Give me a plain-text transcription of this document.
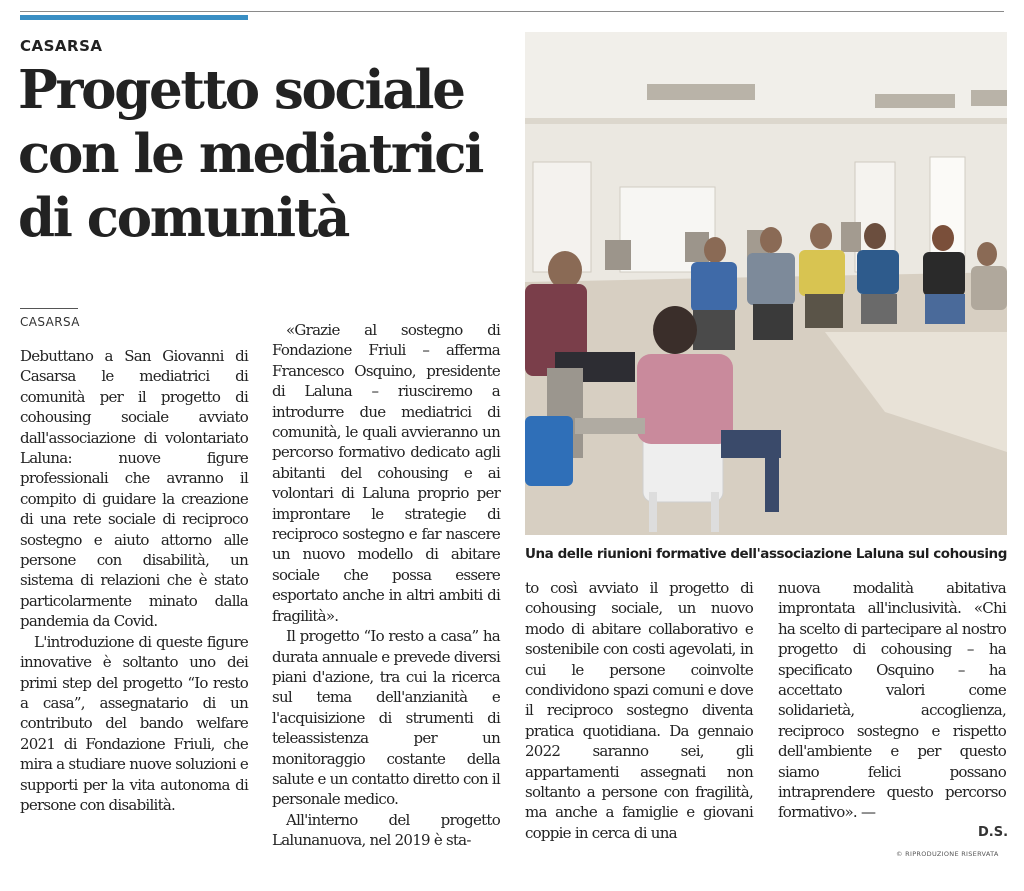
CASARSA
Progetto sociale con le mediatrici di comunità
CASARSA

Debuttano a San Giovanni di Casarsa le mediatrici di comunità per il progetto di cohousing sociale avviato dall'associazione di volontariato Laluna: nuove figure professionali che avranno il compito di guidare la creazione di una rete sociale di reciproco sostegno e aiuto attorno alle persone con disabilità, un sistema di relazioni che è stato particolarmente minato dalla pandemia da Covid.

L'introduzione di queste figure innovative è soltanto uno dei primi step del progetto “Io resto a casa”, assegnatario di un contributo del bando welfare 2021 di Fondazione Friuli, che mira a studiare nuove soluzioni e supporti per la vita autonoma di persone con disabilità.

«Grazie al sostegno di Fondazione Friuli – afferma Francesco Osquino, presidente di Laluna – riusciremo a introdurre due mediatrici di comunità, le quali avvieranno un percorso formativo dedicato agli abitanti del cohousing e ai volontari di Laluna proprio per improntare le strategie di reciproco sostegno e far nascere un nuovo modello di abitare sociale che possa essere esportato anche in altri ambiti di fragilità».

Il progetto “Io resto a casa” ha durata annuale e prevede diversi piani d'azione, tra cui la ricerca sul tema dell'anzianità e l'acquisizione di strumenti di teleassistenza per un monitoraggio costante della salute e un contatto diretto con il personale medico.

All'interno del progetto Lalunanuova, nel 2019 è sta-

to così avviato il progetto di cohousing sociale, un nuovo modo di abitare collaborativo e sostenibile con costi agevolati, in cui le persone coinvolte condividono spazi comuni e dove il reciproco sostegno diventa pratica quotidiana. Da gennaio 2022 saranno sei, gli appartamenti assegnati non soltanto a persone con fragilità, ma anche a famiglie e giovani coppie in cerca di una

nuova modalità abitativa improntata all'inclusività. «Chi ha scelto di partecipare al nostro progetto di cohousing – ha specificato Osquino – ha accettato valori come solidarietà, accoglienza, reciproco sostegno e rispetto dell'ambiente e per questo siamo felici possano intraprendere questo percorso formativo». —

Una delle riunioni formative dell'associazione Laluna sul cohousing
D.S.
© RIPRODUZIONE RISERVATA
